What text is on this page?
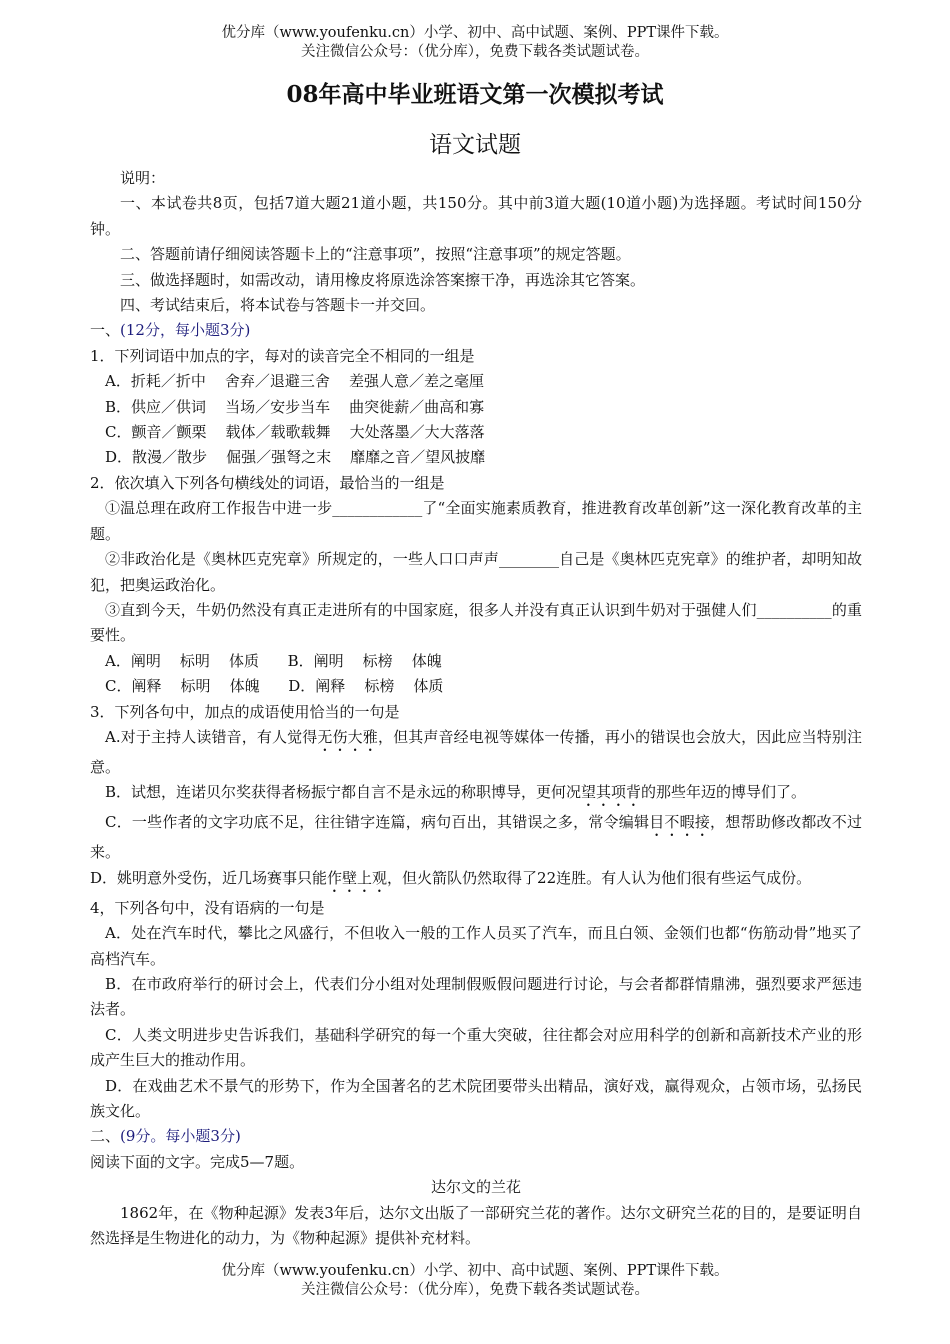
优分库（www.youfenku.cn）小学、初中、高中试题、案例、PPT课件下载。
关注微信公众号：（优分库），免费下载各类试题试卷。
08年高中毕业班语文第一次模拟考试
语文试题

说明：

一、本试卷共8页，包括7道大题21道小题，共150分。其中前3道大题(10道小题)为选择题。考试时间150分钟。

二、答题前请仔细阅读答题卡上的“注意事项”，按照“注意事项”的规定答题。

三、做选择题时，如需改动，请用橡皮将原选涂答案擦干净，再选涂其它答案。

四、考试结束后，将本试卷与答题卡一并交回。

一、(12分，每小题3分)

1．下列词语中加点的字，每对的读音完全不相同的一组是

A．折耗／折中    舍弃／退避三舍    差强人意／差之毫厘

B．供应／供词    当场／安步当车    曲突徙薪／曲高和寡

C．颤音／颤栗    载体／载歌载舞    大处落墨／大大落落

D．散漫／散步    倔强／强弩之末    靡靡之音／望风披靡

2．依次填入下列各句横线处的词语，最恰当的一组是

①温总理在政府工作报告中进一步____________了“全面实施素质教育，推进教育改革创新”这一深化教育改革的主题。

②非政治化是《奥林匹克宪章》所规定的，一些人口口声声________自己是《奥林匹克宪章》的维护者，却明知故犯，把奥运政治化。

③直到今天，牛奶仍然没有真正走进所有的中国家庭，很多人并没有真正认识到牛奶对于强健人们__________的重要性。

A．阐明    标明    体质      B．阐明    标榜    体魄

C．阐释    标明    体魄      D．阐释    标榜    体质

3．下列各句中，加点的成语使用恰当的一句是

A.对于主持人读错音，有人觉得无伤大雅，但其声音经电视等媒体一传播，再小的错误也会放大，因此应当特别注意。

B．试想，连诺贝尔奖获得者杨振宁都自言不是永远的称职博导，更何况望其项背的那些年迈的博导们了。

C．一些作者的文字功底不足，往往错字连篇，病句百出，其错误之多，常令编辑目不暇接，想帮助修改都改不过来。

D．姚明意外受伤，近几场赛事只能作壁上观，但火箭队仍然取得了22连胜。有人认为他们很有些运气成份。

4，下列各句中，没有语病的一句是

A．处在汽车时代，攀比之风盛行，不但收入一般的工作人员买了汽车，而且白领、金领们也都“伤筋动骨”地买了高档汽车。

B．在市政府举行的研讨会上，代表们分小组对处理制假贩假问题进行讨论，与会者都群情鼎沸，强烈要求严惩违法者。

C．人类文明进步史告诉我们，基础科学研究的每一个重大突破，往往都会对应用科学的创新和高新技术产业的形成产生巨大的推动作用。

D．在戏曲艺术不景气的形势下，作为全国著名的艺术院团要带头出精品，演好戏，赢得观众，占领市场，弘扬民族文化。

二、(9分。每小题3分)

阅读下面的文字。完成5—7题。

达尔文的兰花

1862年，在《物种起源》发表3年后，达尔文出版了一部研究兰花的著作。达尔文研究兰花的目的，是要证明自然选择是生物进化的动力，为《物种起源》提供补充材料。

优分库（www.youfenku.cn）小学、初中、高中试题、案例、PPT课件下载。
关注微信公众号：（优分库），免费下载各类试题试卷。
